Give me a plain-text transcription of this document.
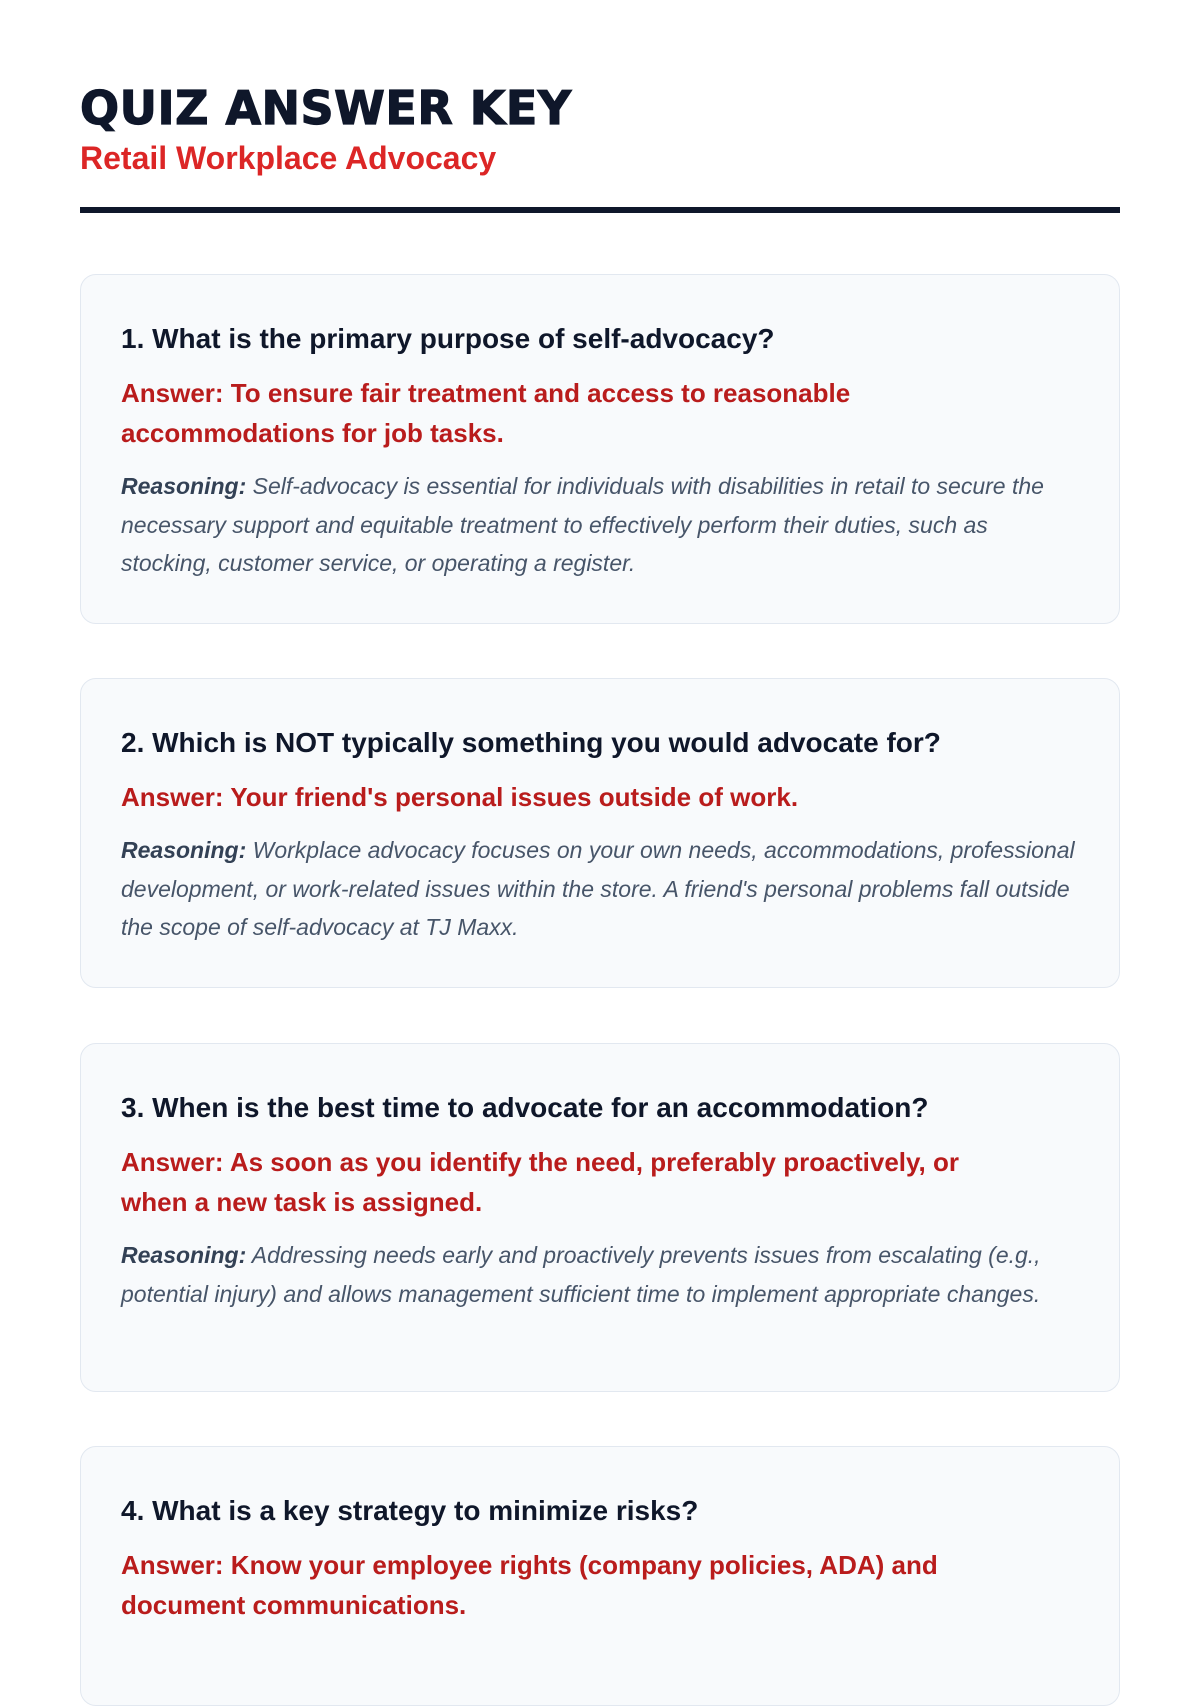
QUIZ ANSWER KEY
Retail Workplace Advocacy

1. What is the primary purpose of self-advocacy?

Answer: To ensure fair treatment and access to reasonable accommodations for job tasks.

Reasoning: Self-advocacy is essential for individuals with disabilities in retail to secure the necessary support and equitable treatment to effectively perform their duties, such as stocking, customer service, or operating a register.

2. Which is NOT typically something you would advocate for?

Answer: Your friend's personal issues outside of work.

Reasoning: Workplace advocacy focuses on your own needs, accommodations, professional development, or work-related issues within the store. A friend's personal problems fall outside the scope of self-advocacy at TJ Maxx.

3. When is the best time to advocate for an accommodation?

Answer: As soon as you identify the need, preferably proactively, or when a new task is assigned.

Reasoning: Addressing needs early and proactively prevents issues from escalating (e.g., potential injury) and allows management sufficient time to implement appropriate changes.

4. What is a key strategy to minimize risks?

Answer: Know your employee rights (company policies, ADA) and document communications.
